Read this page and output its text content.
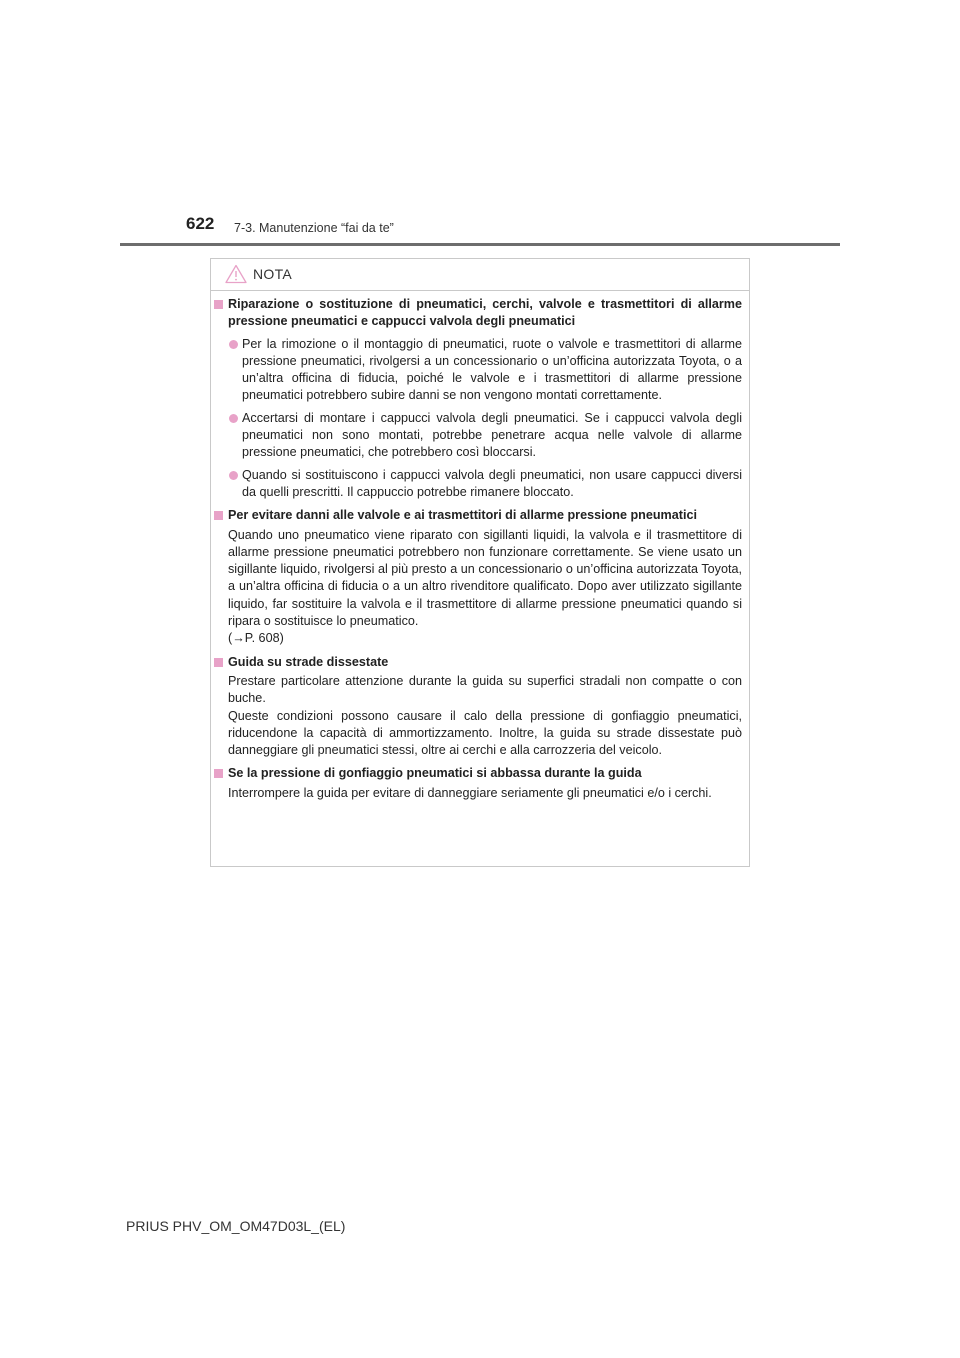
622 7-3. Manutenzione “fai da te”
NOTA
Riparazione o sostituzione di pneumatici, cerchi, valvole e trasmettitori di allarme pressione pneumatici e cappucci valvola degli pneumatici
Per la rimozione o il montaggio di pneumatici, ruote o valvole e trasmettitori di allarme pressione pneumatici, rivolgersi a un concessionario o un’officina autorizzata Toyota, o a un’altra officina di fiducia, poiché le valvole e i trasmettitori di allarme pressione pneumatici potrebbero subire danni se non vengono montati correttamente.
Accertarsi di montare i cappucci valvola degli pneumatici. Se i cappucci valvola degli pneumatici non sono montati, potrebbe penetrare acqua nelle valvole di allarme pressione pneumatici, che potrebbero così bloccarsi.
Quando si sostituiscono i cappucci valvola degli pneumatici, non usare cappucci diversi da quelli prescritti. Il cappuccio potrebbe rimanere bloccato.
Per evitare danni alle valvole e ai trasmettitori di allarme pressione pneumatici
Quando uno pneumatico viene riparato con sigillanti liquidi, la valvola e il trasmettitore di allarme pressione pneumatici potrebbero non funzionare correttamente. Se viene usato un sigillante liquido, rivolgersi al più presto a un concessionario o un’officina autorizzata Toyota, a un’altra officina di fiducia o a un altro rivenditore qualificato. Dopo aver utilizzato sigillante liquido, far sostituire la valvola e il trasmettitore di allarme pressione pneumatici quando si ripara o sostituisce lo pneumatico.
(→P. 608)
Guida su strade dissestate
Prestare particolare attenzione durante la guida su superfici stradali non compatte o con buche.
Queste condizioni possono causare il calo della pressione di gonfiaggio pneumatici, riducendone la capacità di ammortizzamento. Inoltre, la guida su strade dissestate può danneggiare gli pneumatici stessi, oltre ai cerchi e alla carrozzeria del veicolo.
Se la pressione di gonfiaggio pneumatici si abbassa durante la guida
Interrompere la guida per evitare di danneggiare seriamente gli pneumatici e/o i cerchi.
PRIUS PHV_OM_OM47D03L_(EL)
